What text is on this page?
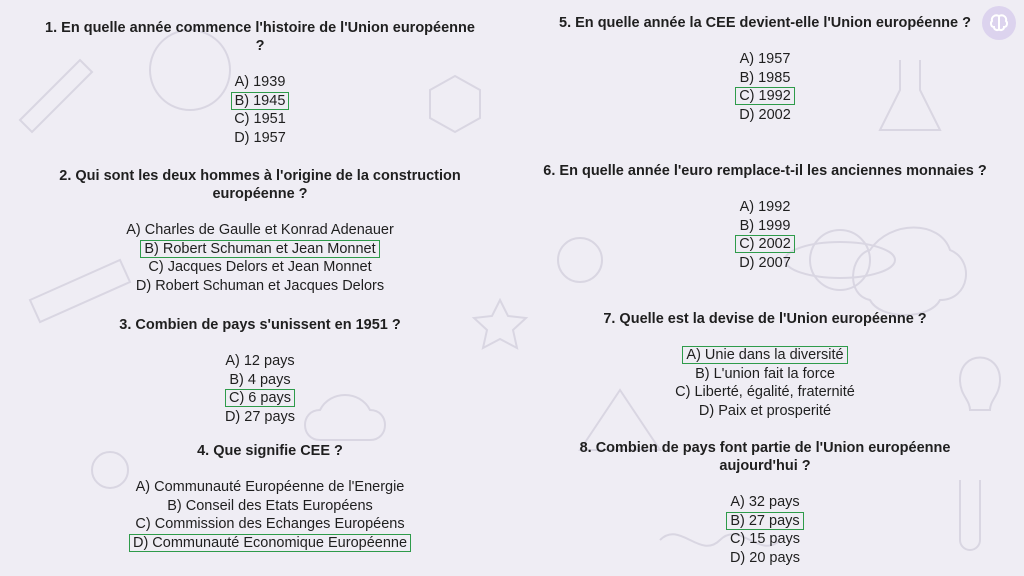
1. En quelle année commence l'histoire de l'Union européenne ?

A) 1939
B) 1945
C) 1951
D) 1957

2. Qui sont les deux hommes à l'origine de la construction européenne ?

A) Charles de Gaulle et Konrad Adenauer
B) Robert Schuman et Jean Monnet
C) Jacques Delors et Jean Monnet
D) Robert Schuman et Jacques Delors

3. Combien de pays s'unissent en 1951 ?

A) 12 pays
B) 4 pays
C) 6 pays
D) 27 pays

4. Que signifie CEE ?

A) Communauté Européenne de l'Energie
B) Conseil des Etats Européens
C) Commission des Echanges Européens
D) Communauté Economique Européenne

5. En quelle année la CEE devient-elle l'Union européenne ?

A) 1957
B) 1985
C) 1992
D) 2002

6. En quelle année l'euro remplace-t-il les anciennes monnaies ?

A) 1992
B) 1999
C) 2002
D) 2007

7. Quelle est la devise de l'Union européenne ?

A) Unie dans la diversité
B) L'union fait la force
C) Liberté, égalité, fraternité
D) Paix et prosperité

8. Combien de pays font partie de l'Union européenne aujourd'hui ?

A) 32 pays
B) 27 pays
C) 15 pays
D) 20 pays
